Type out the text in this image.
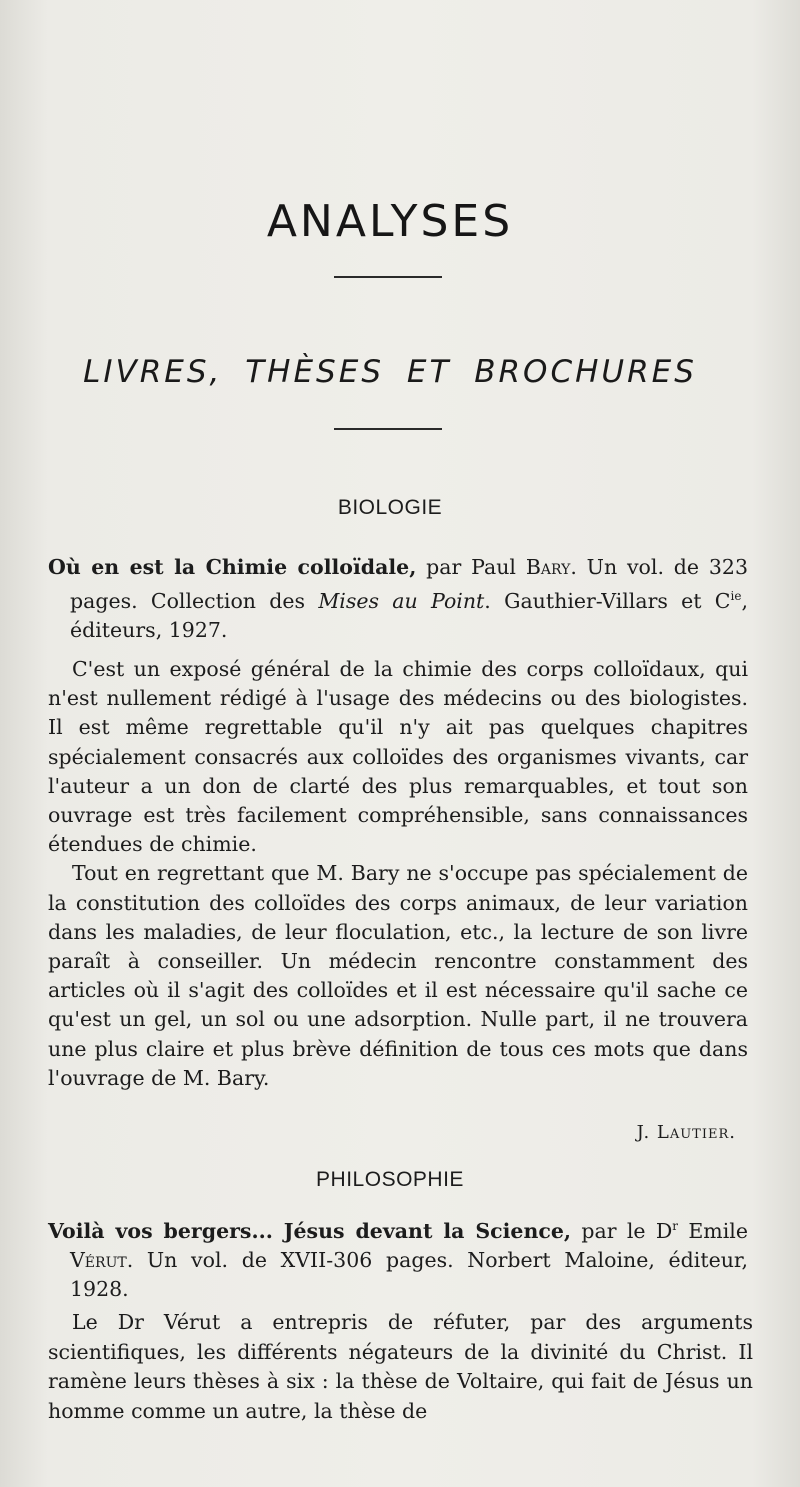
ANALYSES
LIVRES, THÈSES ET BROCHURES
BIOLOGIE
Où en est la Chimie colloïdale, par Paul Bary. Un vol. de 323 pages. Collection des Mises au Point. Gauthier-Villars et $C^{ie}$, éditeurs, 1927.

C'est un exposé général de la chimie des corps colloïdaux, qui n'est nullement rédigé à l'usage des médecins ou des biologistes. Il est même regrettable qu'il n'y ait pas quelques chapitres spécialement consacrés aux colloïdes des organismes vivants, car l'auteur a un don de clarté des plus remarquables, et tout son ouvrage est très facilement compréhensible, sans connaissances étendues de chimie.

Tout en regrettant que M. Bary ne s'occupe pas spécialement de la constitution des colloïdes des corps animaux, de leur variation dans les maladies, de leur floculation, etc., la lecture de son livre paraît à conseiller. Un médecin rencontre constamment des articles où il s'agit des colloïdes et il est nécessaire qu'il sache ce qu'est un gel, un sol ou une adsorption. Nulle part, il ne trouvera une plus claire et plus brève définition de tous ces mots que dans l'ouvrage de M. Bary.

J. Lautier.
PHILOSOPHIE
Voilà vos bergers... Jésus devant la Science, par le $D^r$ Emile Vérut. Un vol. de XVII-306 pages. Norbert Maloine, éditeur, 1928.

Le Dr Vérut a entrepris de réfuter, par des arguments scientifiques, les différents négateurs de la divinité du Christ. Il ramène leurs thèses à six : la thèse de Voltaire, qui fait de Jésus un homme comme un autre, la thèse de
